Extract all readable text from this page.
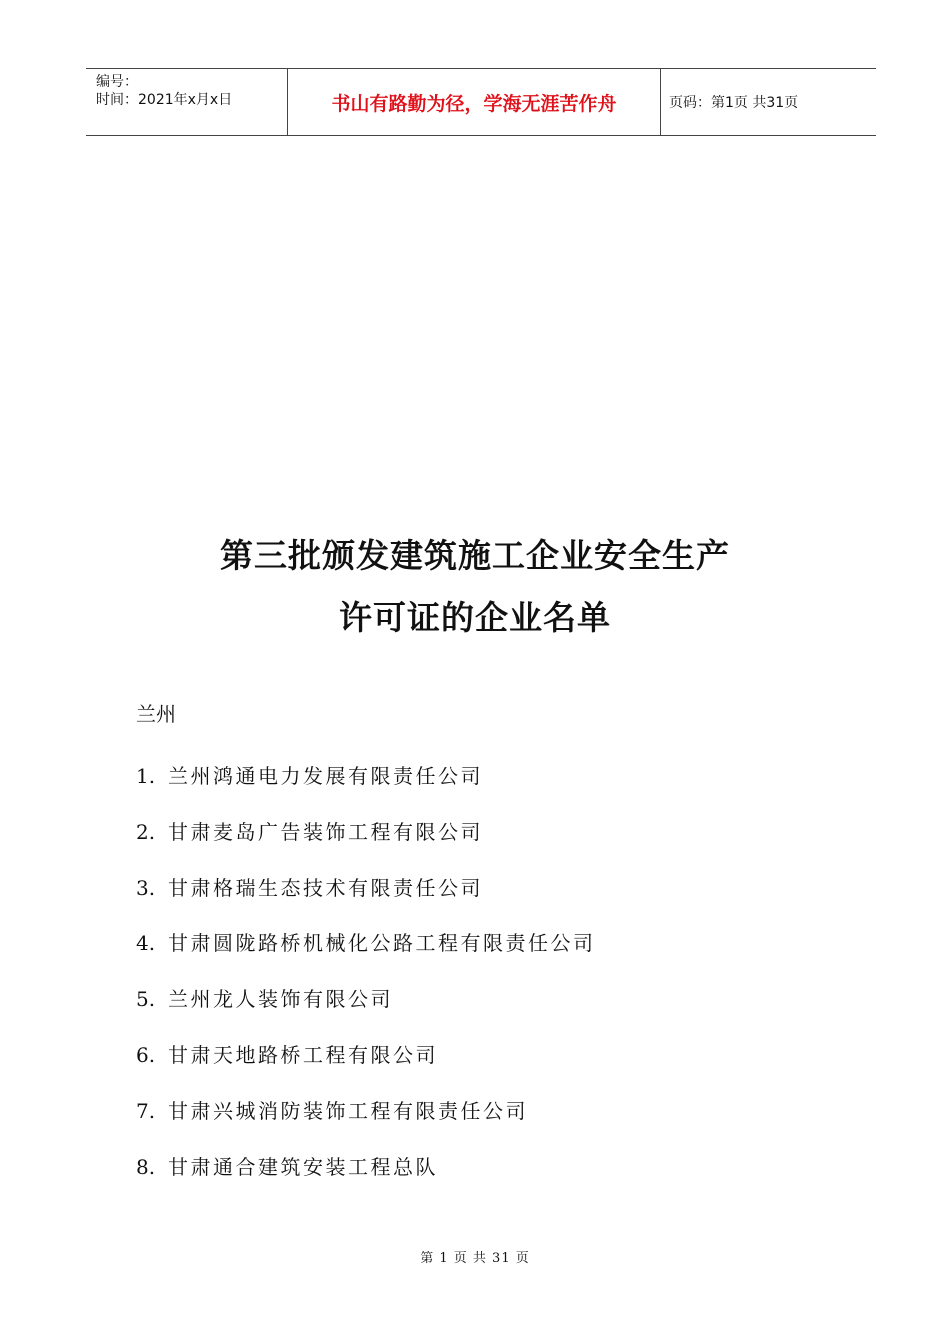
编号：
时间：2021年x月x日	书山有路勤为径，学海无涯苦作舟	页码：第1页 共31页
第三批颁发建筑施工企业安全生产
许可证的企业名单
兰州
1. 兰州鸿通电力发展有限责任公司
2. 甘肃麦岛广告装饰工程有限公司
3. 甘肃格瑞生态技术有限责任公司
4. 甘肃圆陇路桥机械化公路工程有限责任公司
5. 兰州龙人装饰有限公司
6. 甘肃天地路桥工程有限公司
7. 甘肃兴城消防装饰工程有限责任公司
8. 甘肃通合建筑安装工程总队
第 1 页 共 31 页
